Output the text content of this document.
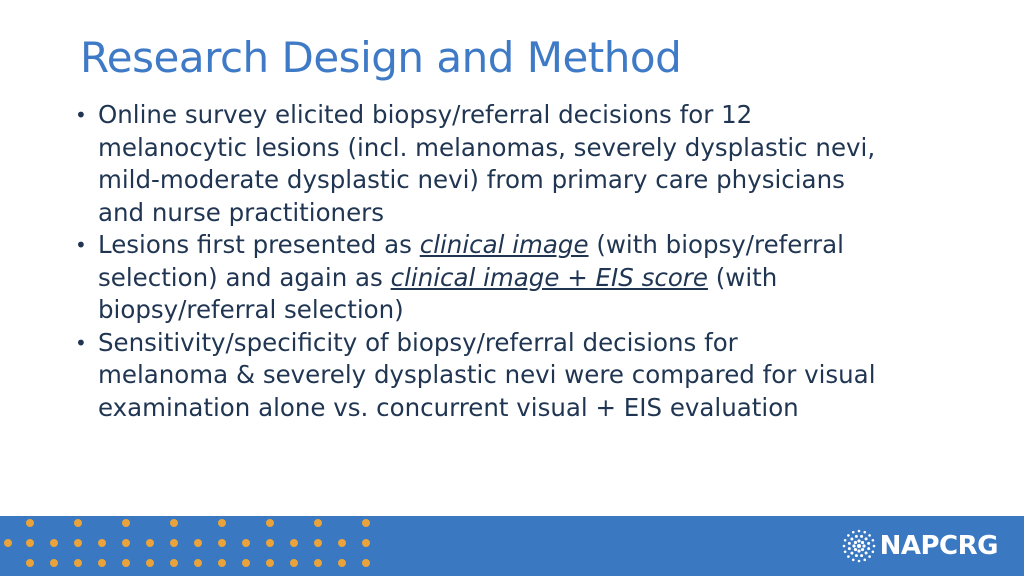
Research Design and Method
• Online survey elicited biopsy/referral decisions for 12
melanocytic lesions (incl. melanomas, severely dysplastic nevi,
mild-moderate dysplastic nevi) from primary care physicians
and nurse practitioners
• Lesions first presented as clinical image (with biopsy/referral
selection) and again as clinical image + EIS score (with
biopsy/referral selection)
• Sensitivity/specificity of biopsy/referral decisions for
melanoma & severely dysplastic nevi were compared for visual
examination alone vs. concurrent visual + EIS evaluation
NAPCRG
